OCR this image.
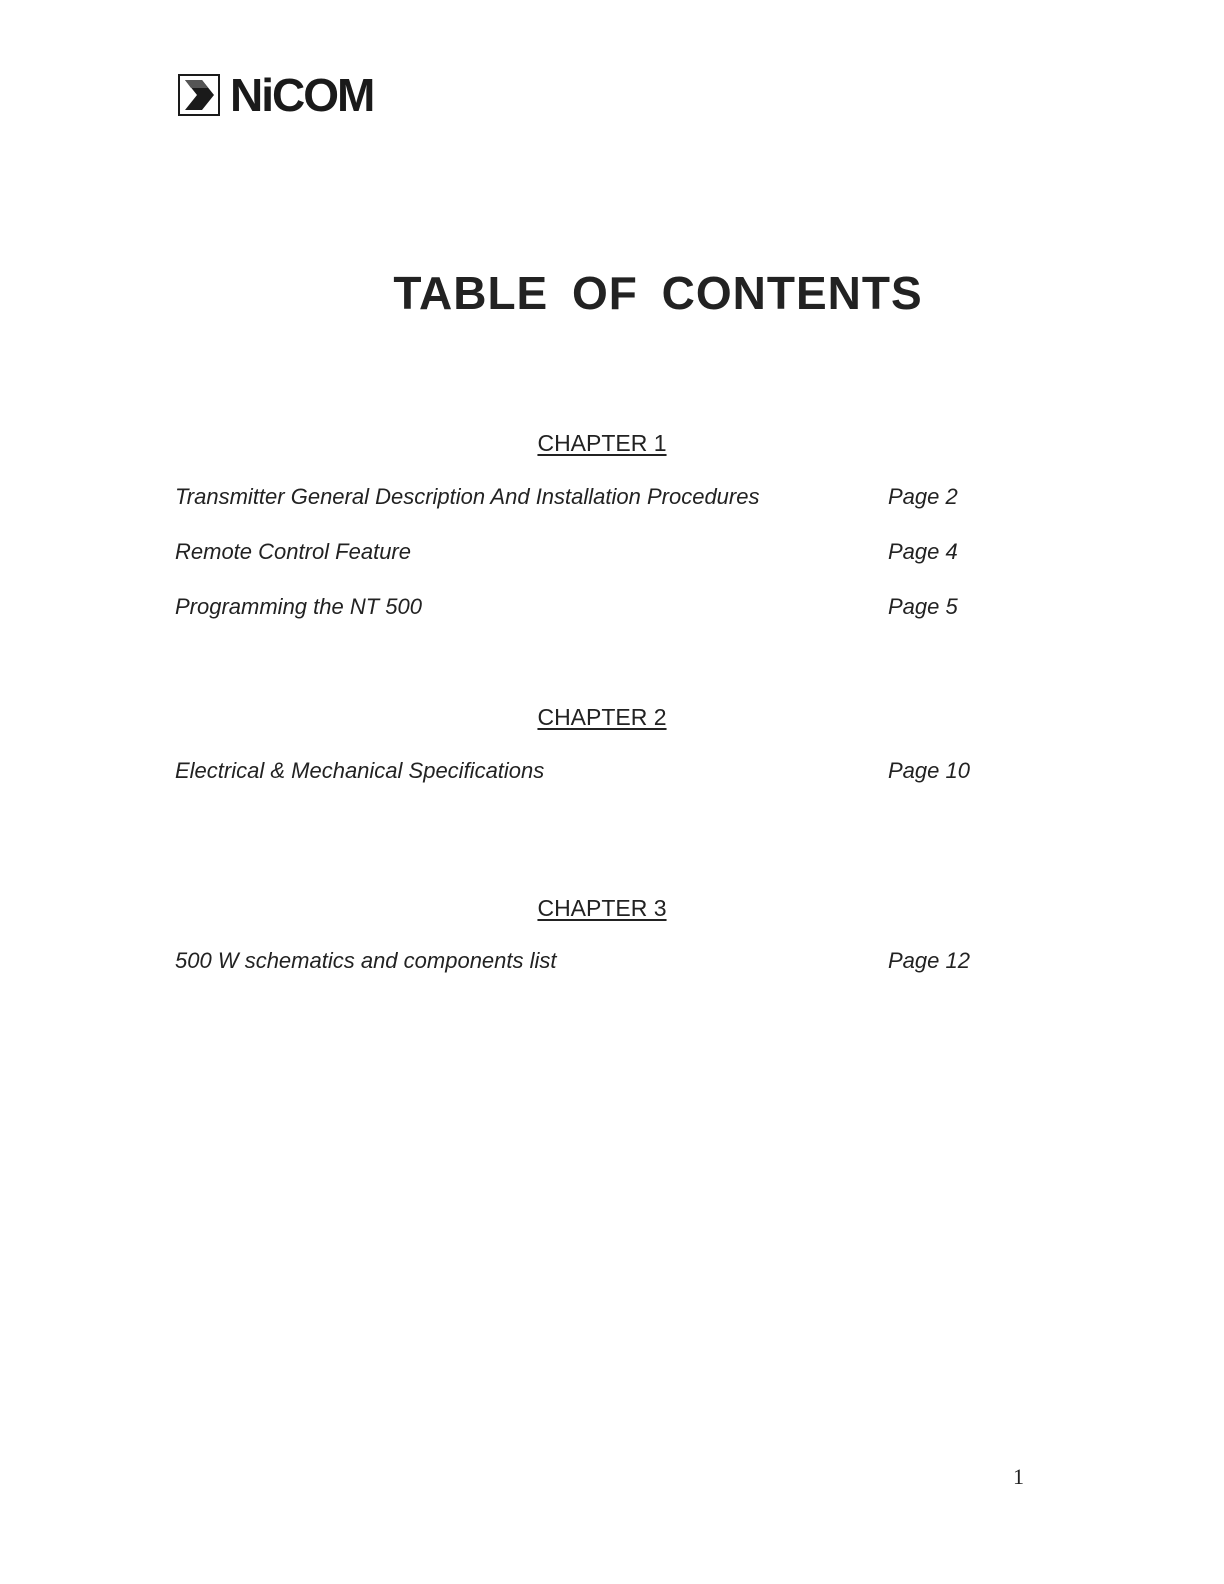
NiCOM
TABLE OF CONTENTS
CHAPTER 1
Transmitter General Description And Installation Procedures	Page 2
Remote Control Feature	Page 4
Programming the NT 500	Page 5
CHAPTER 2
Electrical & Mechanical Specifications	Page 10
CHAPTER 3
500 W schematics and components list	Page 12
1
